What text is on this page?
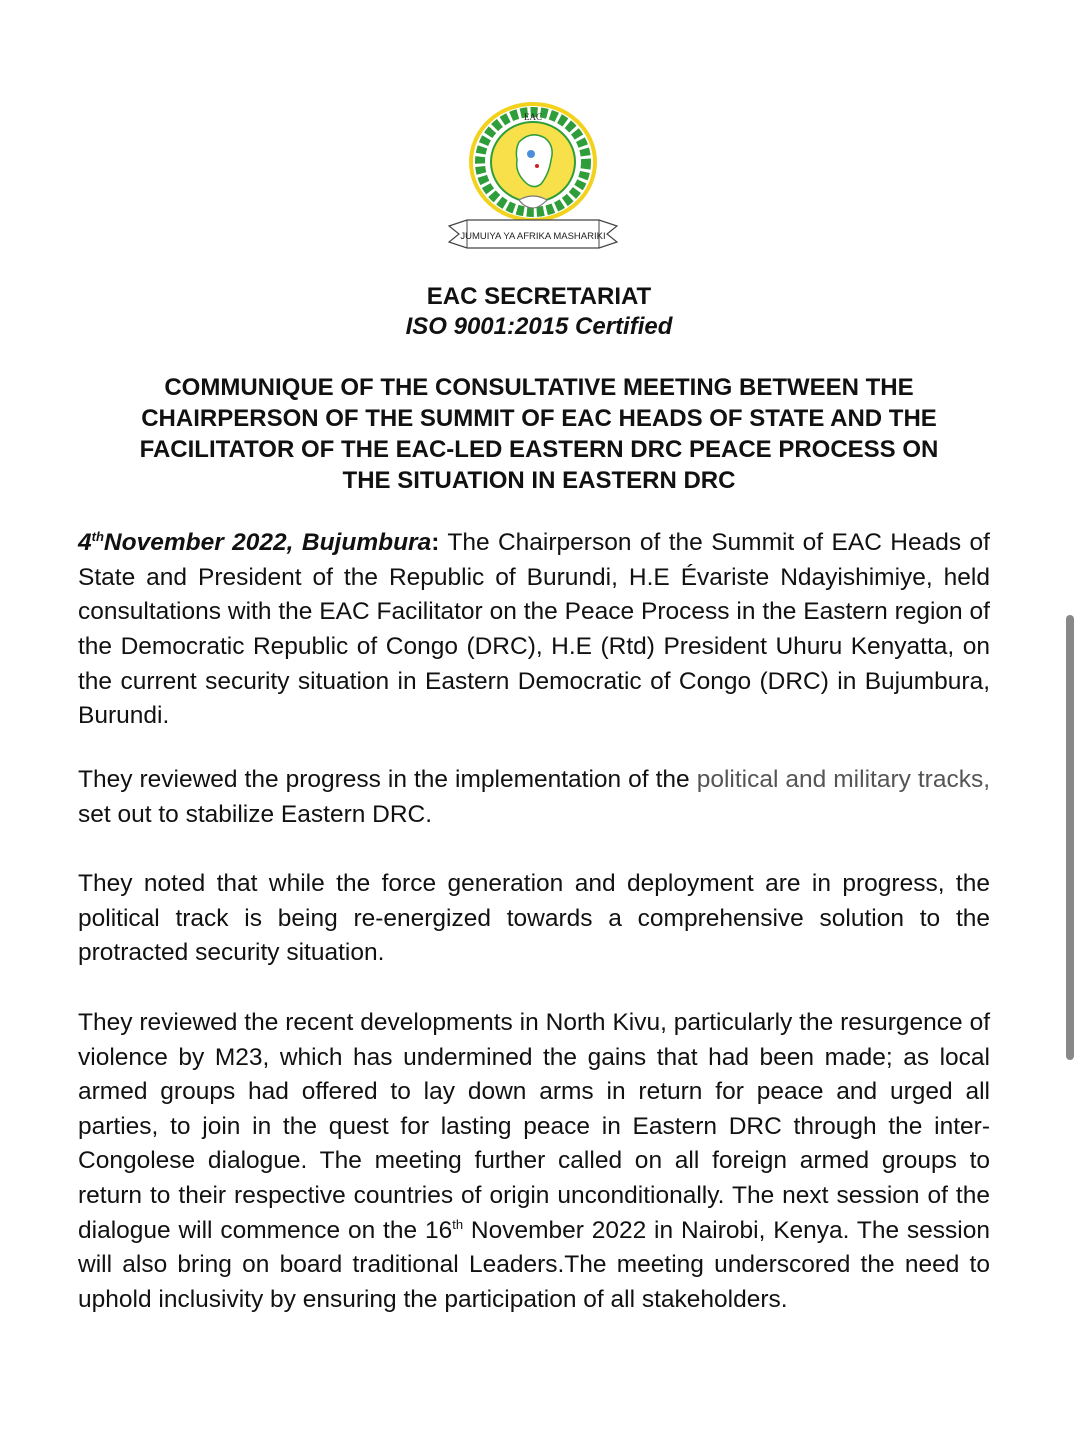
EAC
JUMUIYA YA AFRIKA MASHARIKI
EAC SECRETARIAT
ISO 9001:2015 Certified
COMMUNIQUE OF THE CONSULTATIVE MEETING BETWEEN THE
CHAIRPERSON OF THE SUMMIT OF EAC HEADS OF STATE AND THE
FACILITATOR OF THE EAC-LED EASTERN DRC PEACE PROCESS ON
THE SITUATION IN EASTERN DRC
4thNovember 2022, Bujumbura: The Chairperson of the Summit of EAC Heads of State and President of the Republic of Burundi, H.E Évariste Ndayishimiye, held consultations with the EAC Facilitator on the Peace Process in the Eastern region of the Democratic Republic of Congo (DRC), H.E (Rtd) President Uhuru Kenyatta, on the current security situation in Eastern Democratic of Congo (DRC) in Bujumbura, Burundi.
They reviewed the progress in the implementation of the political and military tracks, set out to stabilize Eastern DRC.
They noted that while the force generation and deployment are in progress, the political track is being re-energized towards a comprehensive solution to the protracted security situation.
They reviewed the recent developments in North Kivu, particularly the resurgence of violence by M23, which has undermined the gains that had been made; as local armed groups had offered to lay down arms in return for peace and urged all parties, to join in the quest for lasting peace in Eastern DRC through the inter-Congolese dialogue. The meeting further called on all foreign armed groups to return to their respective countries of origin unconditionally. The next session of the dialogue will commence on the 16th November 2022 in Nairobi, Kenya. The session will also bring on board traditional Leaders.The meeting underscored the need to uphold inclusivity by ensuring the participation of all stakeholders.
